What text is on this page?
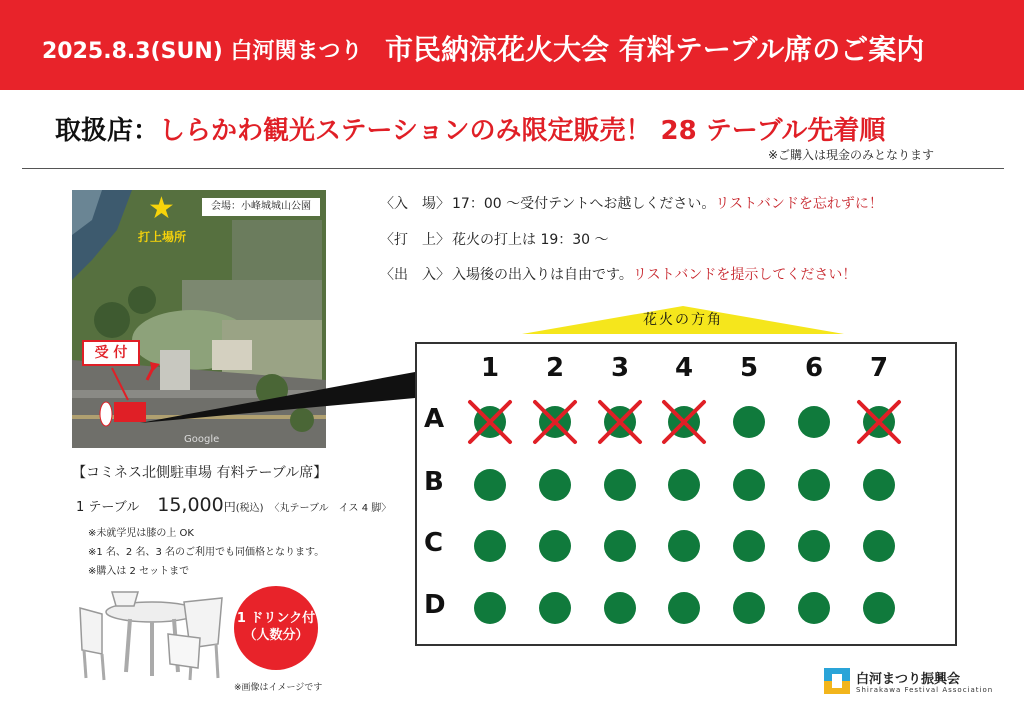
2025.8.3(SUN) 白河関まつり 市民納涼花火大会 有料テーブル席のご案内
取扱店：しらかわ観光ステーションのみ限定販売！ 28 テーブル先着順
※ご購入は現金のみとなります
★
打上場所
会場：小峰城城山公園
受 付
Google
【コミネス北側駐車場 有料テーブル席】
1 テーブル 15,000円(税込) 〈丸テーブル　イス 4 脚〉
※未就学児は膝の上 OK
※1 名、2 名、3 名のご利用でも同価格となります。
※購入は 2 セットまで
1 ドリンク付
（人数分）
※画像はイメージです
〈入　場〉 17：00 ～受付テントへお越しください。リストバンドを忘れずに！
〈打　上〉 花火の打上は 19：30 ～
〈出　入〉 入場後の出入りは自由です。リストバンドを提示してください！
花火の方角
1	2	3	4	5	6	7
A
B
C
D
白河まつり振興会
Shirakawa Festival Association
